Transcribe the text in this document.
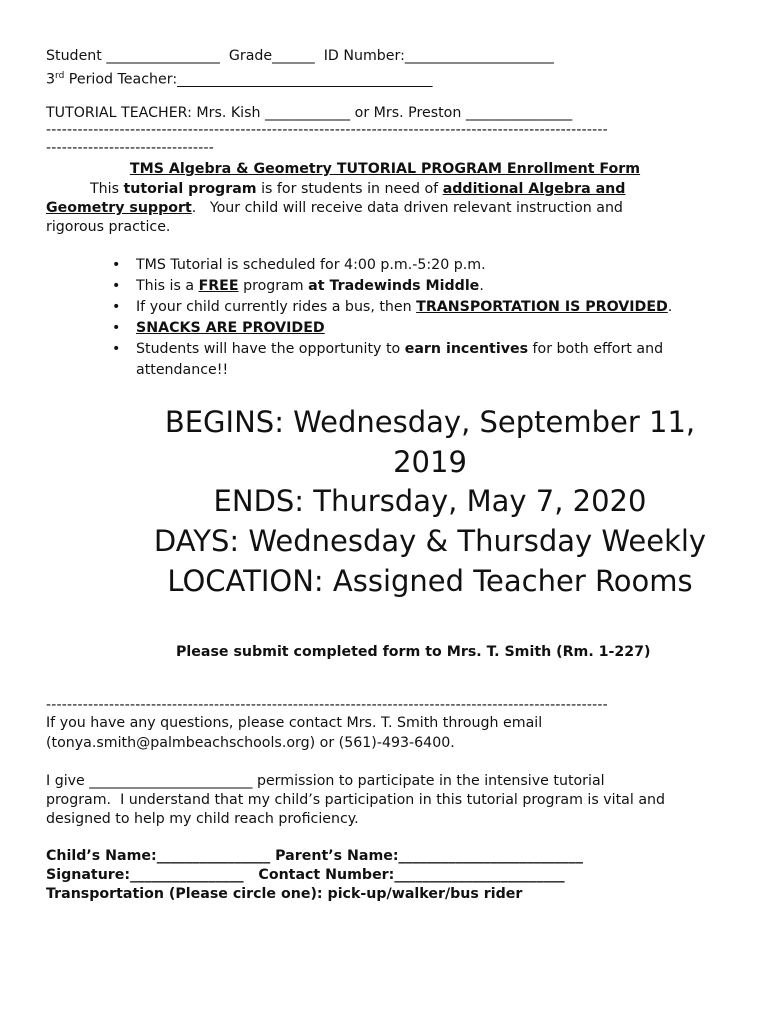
Student ________________  Grade______  ID Number:_____________________
3rd Period Teacher:____________________________________
TUTORIAL TEACHER: Mrs. Kish ____________ or Mrs. Preston _______________
-----------------------------------------------------------------------------------------------------------
--------------------------------
TMS Algebra & Geometry TUTORIAL PROGRAM Enrollment Form
This tutorial program is for students in need of additional Algebra and
Geometry support.   Your child will receive data driven relevant instruction and
rigorous practice.
• TMS Tutorial is scheduled for 4:00 p.m.-5:20 p.m.
• This is a FREE program at Tradewinds Middle.
• If your child currently rides a bus, then TRANSPORTATION IS PROVIDED.
• SNACKS ARE PROVIDED
• Students will have the opportunity to earn incentives for both effort and
attendance!!
BEGINS: Wednesday, September 11,
2019
ENDS: Thursday, May 7, 2020
DAYS: Wednesday & Thursday Weekly
LOCATION: Assigned Teacher Rooms
Please submit completed form to Mrs. T. Smith (Rm. 1-227)
-----------------------------------------------------------------------------------------------------------
If you have any questions, please contact Mrs. T. Smith through email
(tonya.smith@palmbeachschools.org) or (561)-493-6400.
I give _______________________ permission to participate in the intensive tutorial
program.  I understand that my child’s participation in this tutorial program is vital and
designed to help my child reach proficiency.
Child’s Name:________________ Parent’s Name:__________________________
Signature:________________   Contact Number:________________________
Transportation (Please circle one): pick-up/walker/bus rider
